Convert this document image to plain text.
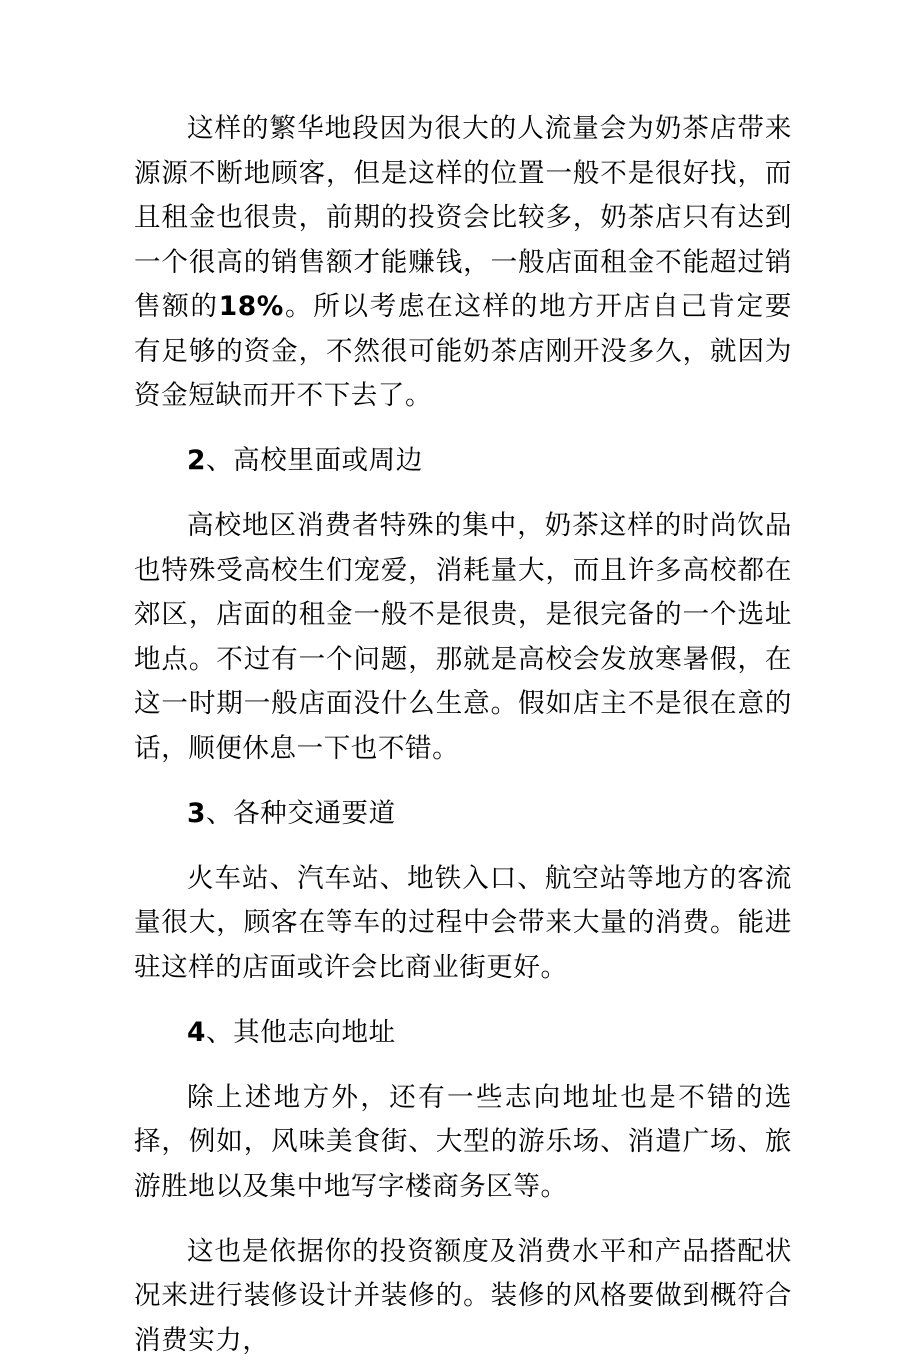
这样的繁华地段因为很大的人流量会为奶茶店带来源源不断地顾客，但是这样的位置一般不是很好找，而且租金也很贵，前期的投资会比较多，奶茶店只有达到一个很高的销售额才能赚钱，一般店面租金不能超过销售额的18%。所以考虑在这样的地方开店自己肯定要有足够的资金，不然很可能奶茶店刚开没多久，就因为资金短缺而开不下去了。

2、高校里面或周边

高校地区消费者特殊的集中，奶茶这样的时尚饮品也特殊受高校生们宠爱，消耗量大，而且许多高校都在郊区，店面的租金一般不是很贵，是很完备的一个选址地点。不过有一个问题，那就是高校会发放寒暑假，在这一时期一般店面没什么生意。假如店主不是很在意的话，顺便休息一下也不错。

3、各种交通要道

火车站、汽车站、地铁入口、航空站等地方的客流量很大，顾客在等车的过程中会带来大量的消费。能进驻这样的店面或许会比商业街更好。

4、其他志向地址

除上述地方外，还有一些志向地址也是不错的选择，例如，风味美食街、大型的游乐场、消遣广场、旅游胜地以及集中地写字楼商务区等。

这也是依据你的投资额度及消费水平和产品搭配状况来进行装修设计并装修的。装修的风格要做到概符合消费实力，
